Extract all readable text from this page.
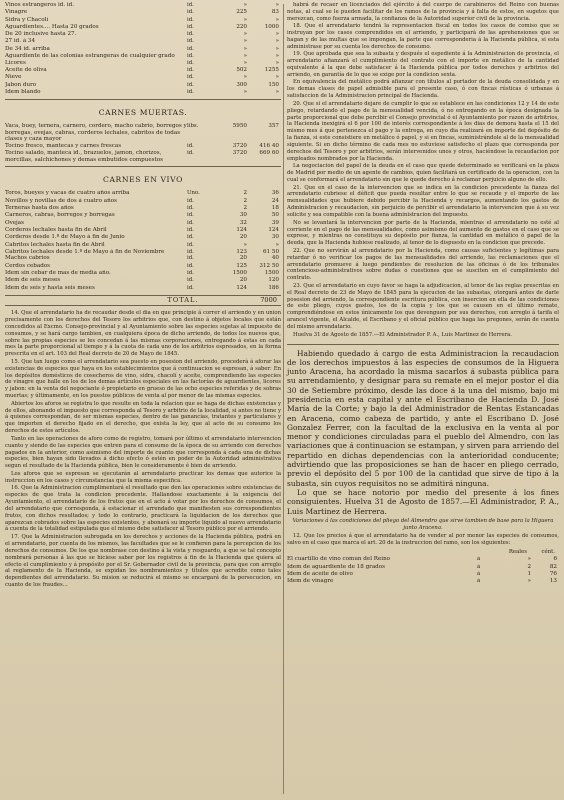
Vinos estrangeros id. id.	id.	»	»
Vinagre	id.	225	83
Sidra y Chacolí	id.	»	»
Aguardientes.... Hasta 20 grados	id.	220	1000
De 20 inclusive hasta 27.	id.	»	»
27 id. á 34	id.	»	»
De 34 id. arriba	id.	»	»
Aguardiente de las colonias estrangeras de cualquier grado	id.	»	»
Licores	id.	»	»
Aceite de oliva	id.	502	1255
Nieve	id.	»	»
Jabon duro	id.	300	150
Idem blando	id.	»	»
CARNES MUERTAS.
Vaca, buey, ternera, carnero, cordero, macho cabrio, borregos y borregas, ovejas, cabras, corderos lechales, cabritos de todas clases y caza mayor
libs.	5950	357
Tocino fresco, mantecas y carnes frescas	id.	3720	416 40
Tocino salado, manteca id., brazuelos, jamon, chorizos, morcillas, salchichones y demas embutidos compuestos
id.	3720	669 60
CARNES EN VIVO
Toros, bueyes y vacas de cuatro años arriba	Uno.	2	36
Novillos y novillas de dos á cuatro años	id.	2	24
Terneras hasta dos años	id.	2	18
Carneros, cabras, borregos y borregas	id.	30	50
Ovejas	id.	32	39
Corderos lechales hasta fin de Abril	id.	124	124
Corderos desde 1.º de Mayo á fin de Junio	id.	20	30
Cabritos lechales hasta fin de Abril	id.	»	»
Cabritos lechales desde 1.º de Mayo á fin de Noviembre	id.	123	61 50
Machos cabrios	id.	20	40
Cerdos cebados	id.	125	312 50
Idem sin cebar de mas de media año.	id.	1500	1500
Idem de seis meses	id.	20	120
Idem de seis y hasta seis meses	id.	124	186
TOTAL.	7000

14. Que el arrendatario ha de recaudar desde el dia en que principie á correr el arriendo y en union precisamente con los derechos del Tesoro los arbitrios que, con destino á objetos locales que están concedidos al Excmo. Consejo-provincial y al Ayuntamiento sobre las especies sujetas al impuesto de consumos, y se hará cargo tambien, en cualquiera época de dicho arriendo, de todos los nuevos que, sobre las propias especies se les concedan á las mismas corporaciones, entregando á estas en cada mes la parte proporcional al tiempo y á la cuota de cada uno de los arbitrios espresados, en la forma prescrita en el art. 103 del Real decreto de 20 de Mayo de 1845.

15. Que tan luego como el arrendatario sea puesto en posesion del arriendo, procederá á aforar las existencias de especies que haya en los establecimientos que á continuacion se espresan, á saber: En los depósitos domésticos de cosecheros de vino, sidra, chacolí y aceite, comprendiendo las especies de vinagre que halle en los de los demas artículos especiales en las factorías de aguardientes, licores y jabon: en la venta del negociante ó propietario en grueso de las ocho especies referidas y de sobras muertas; y últimamente, en los puestos públicos de venta al por menor de las mismas especies.

Abiertos los aforos se registra lo que resulte en toda la relacion que se haga de dichas existencias y de ellos, abonando el impuesto que corresponda al Tesoro y arbitrio de la localidad, si antes no tiene y á quienes correspondan, de ser mismas especies, dentro de las ganancias, tratantes y particulares y que importen el derecho fijado en el derecho, que exista la ley, que al acto de su consumo los derechos de estos artículos.

Tanto en las operaciones de aforo como de registro, tomará por último el arrendatario intervencion cuanto y siendo de las especies que entren para el consumo de la época de su arriendo con derechos pagados en la anterior, como asimismo del importe de cuanto que corresponda á cada una de dichas especies, bien hayan sido llevados á dicho efecto ó estén en poder de la Autoridad administrativa segun el resultado de la Hacienda pública, bien le consideramente é bien de arriendo.

Los aforos que se espresan se ejecutarán al arrendatario practicar los demas que autorice la instruccion en los casos y circunstancias que la misma especifica.

16. Que la Administracion cumplimentará el resultado que den las operaciones sobre existencias de especies de que trata la condicion precedente. Hallandose exactamente á la exigencia del Ayuntamiento, el arrendatario de los frutos que en el acto á votar por los derechos de consumos, el del arrendatario que corresponda, á estacionar el arrendado que manifiesten sus correspondientes frutos, con dichos resultados; y todo lo contrario, practicará la liquidacion de los derechos que aparezcan cobrados sobre las especies existentes, y abonará su importe liquido al nuevo arrendatario á cuenta de la totalidad estipulada que el mismo debe satisfacer al Tesoro público por el arriendo.

17. Que la Administracion subrogada en los derechos y acciones de la Hacienda pública, podrá en el arrendatario, por cuenta de los mismos, las facultades que se le confieren para la percepcion de los derechos de consumos. De los que nombrase con destino á la vista y resguardo, a que se tal concepto nombrará personas á las que se hiciese saber por los registros á fin de la Hacienda que quiera al efecto el cumplimiento y á propósito por el Sr. Gobernador civil de la provincia, para que con arreglo al reglamento de la Hacienda, se expidan los nombramientos y títulos que acredite como tales dependientes del arrendatario. Su mision se reducirá el mismo se encargará de la persecucion, en cuanto de los fraudes...

habrá de recaer en licenciados del ejército á del cuerpo de carabineros del Reino con buenas notas, al cual se le pueden facilitar de los ramos de la provincia y á falta de estos, en sugetos que merezcan, como fuerza armada, la confianza de la Autoridad superior civil de la provincia.

18. Que el arrendatario tendrá la representacion fiscal en todos los casos de comiso que se instruyan por los casos comprendidos en el arriendo, y participará de las aprehensiones que se hagan y de las multas que se impongan, la parte que corresponderia á la Hacienda pública, si esta administrase por su cuenta los derechos de consumo.

19. Que aprobada que sea la subasta y después el espediente á la Administracion de provincia, el arrendatario afianzará el cumplimiento del contrato con el importe en metálico de la cantidad equivalente á la que debe satisfacer á la Hacienda pública por todos derechos y arbitrios del arriendo, en garantía de lo que se exige por la condicion sexta.

En equivalencia del metálico podrá afianzar con títulos al portador de la deuda consolidada y en los demas clases de papel admisible para el presente caso, ó con fincas rústicas ó urbanas á satisfaccion de la Administracion principal de Hacienda.

20. Que si el arrendatario dejare de cumplir lo que se establece en las condiciones 12 y 14 de este pliego, retardando el pago de la mensualidad vencida, ó no entregando en la época designada la parte proporcional que debe percibir el Consejo provincial ó el Ayuntamiento por razon de arbitrios, la Hacienda inexigirá el 6 por 100 de interés correspondiente á los dias de demora hasta el 15 del mismo mes á que pertenezca el pago y la entrega, en cuyo dia realizará en importe del depósito de la fianza, si este consistiere en metálico ó papel, y si en fincas, suministrándole al de la mensualidad siguiente. Si en dicho término de cada mes no estuviese satisfecho el plazo que corresponda por derechos del Tesoro y por arbitrios, serán intervenidos unos y otros, haciéndose la recaudacion por empleados nombrados por la Hacienda.

La negociacion del papel de la deuda en el caso que quede determinado se verificará en la plaza de Madrid por medio de un agente de cambios, quien facilitará un certificado de la operacion, con la cual se conformará el arrendatario sin que le quede derecho á reclamar perjuicio alguno de ello.

21. Que en el caso de la intervencion que se indica en la condicion precedente la fianza del arrendatario cubriese el déficit que pueda resultar entre lo que se recaude y el importe de las mensualidades que hubiere debido percibir la Hacienda y recargos, aumentando los gastos de Administracion y recaudacion, sin perjuicio de percibir el arrendatario la intervencion que á su vez solicite y sea compatible con la buena administracion del impuesto.

No se levantará la intervencion por parte de la Hacienda, mientras el arrendatario no esté al corriente en el pago de las mensualidades, como asimismo del aumento de gastos en el caso que se exprese, y mientras no constituya su depósito por fianza, la cantidad en metálico ó papel de la deuda, que la Hacienda hubiese realizado, al tenor de lo dispuesto en la condicion que precede.

22. Que no servirán al arrendatario por la Hacienda, como causas suficientes y legítimas para retardar ó no verificar los pagos de las mensualidades del arriendo, las reclamaciones que el arrendatario promueve á luego pendientes de resolucion de las oficinas ó de los tribunales contencioso-administrativos sobre dudas ó cuestiones que se susciten en el cumplimiento del contrato.

23. Que el arrendatario en cuyo favor se haga la adjudicacion, al tenor de las reglas prescritas en el Real decreto de 23 de Mayo de 1845 para la ejecucion de las subastas, otorgará antes de darle posesion del arriendo, la correspondiente escritura pública, con insercion en ella de las condiciones de este pliego, cuyos gastos, los de la copia y los que se causen en el último remate, comprendiéndose en estos únicamente los que devenguen por sus derechos, con arreglo á tarifa el arancel vigente, el Alcalde, el Escribano y el oficial público que haga las pregones, serán de cuenta del mismo arrendatario.

Huelva 31 de Agosto de 1857.—El Administrador P. A., Luis Martinez de Herrera.

Habiendo quedado á cargo de esta Administracion la recaudacion de los derechos impuestos á las especies de consumos de la Higuera junto Aracena, ha acordado la misma sacarlos á subasta pública para su arrendamiento, y designar para su remate en el mejor postor el dia 30 de Setiembre próximo, desde las doce á la una del mismo, bajo mi presidencia en esta capital y ante el Escribano de Hacienda D. José María de la Corte; y bajo la del Administrador de Rentas Estancadas en Aracena, como cabeza de partido, y ante el Escribano D. José Gonzalez Ferrer, con la facultad de la exclusiva en la venta al por menor y condiciones circuladas para el pueblo del Almendro, con las variaciones que á continuacion se estampan, y sirven para arriendo del repartido en dichas dependencias con la anterioridad conducente; advirtiendo que las proposiciones se han de hacer en pliego cerrado, previo el depósito del 5 por 100 de la cantidad que sirve de tipo á la subasta, sin cuyos requisitos no se admitirá ninguna.

Lo que se hace notorio por medio del presente á los fines consiguientes. Huelva 31 de Agosto de 1857.—El Administrador, P. A., Luis Martinez de Herrera.

Variaciones á las condiciones del pliego del Almendro que sirve tambien de base para la Higuera junto Aracena.

12. Que los precios á que el arrendatario ha de vender al por menor las especies de consumos, salvo en el caso que marca el art. 20 de la instruccion del ramo, son los siguientes:

Reales	cént.
El cuartillo de vino comun del Reino	á	»	6
Idem de aguardiente de 18 grados	á	2	82
Idem de aceite de olivo	á	1	76
Idem de vinagre	á	»	13
